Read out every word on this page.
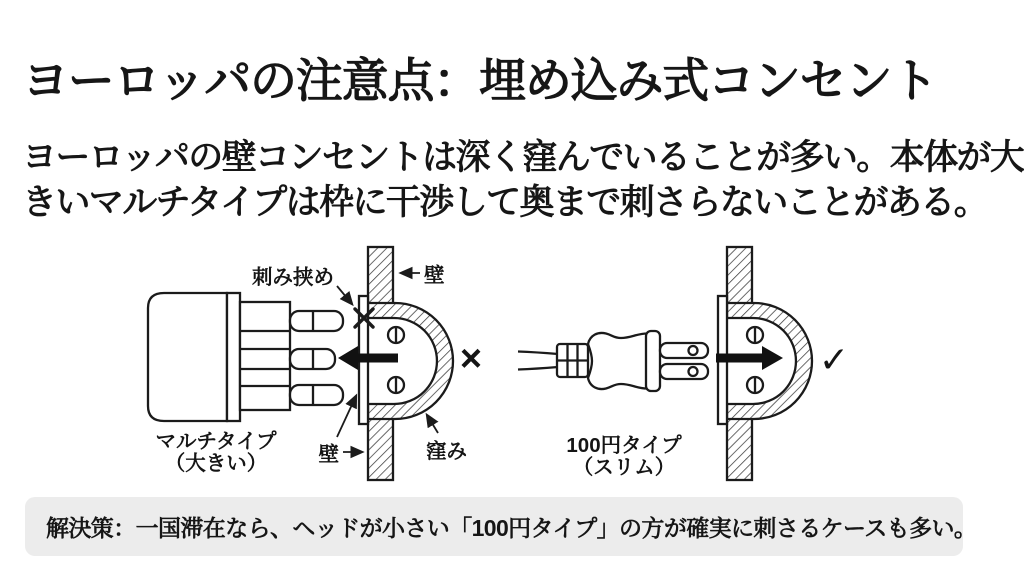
ヨーロッパの注意点：埋め込み式コンセント
ヨーロッパの壁コンセントは深く窪んでいることが多い。本体が大
きいマルチタイプは枠に干渉して奥まで刺さらないことがある。
×
刺み挟め	壁
壁	窪み
マルチタイプ
（大きい）
✓
100円タイプ
（スリム）
解決策：一国滞在なら、ヘッドが小さい「100円タイプ」の方が確実に刺さるケースも多い。
